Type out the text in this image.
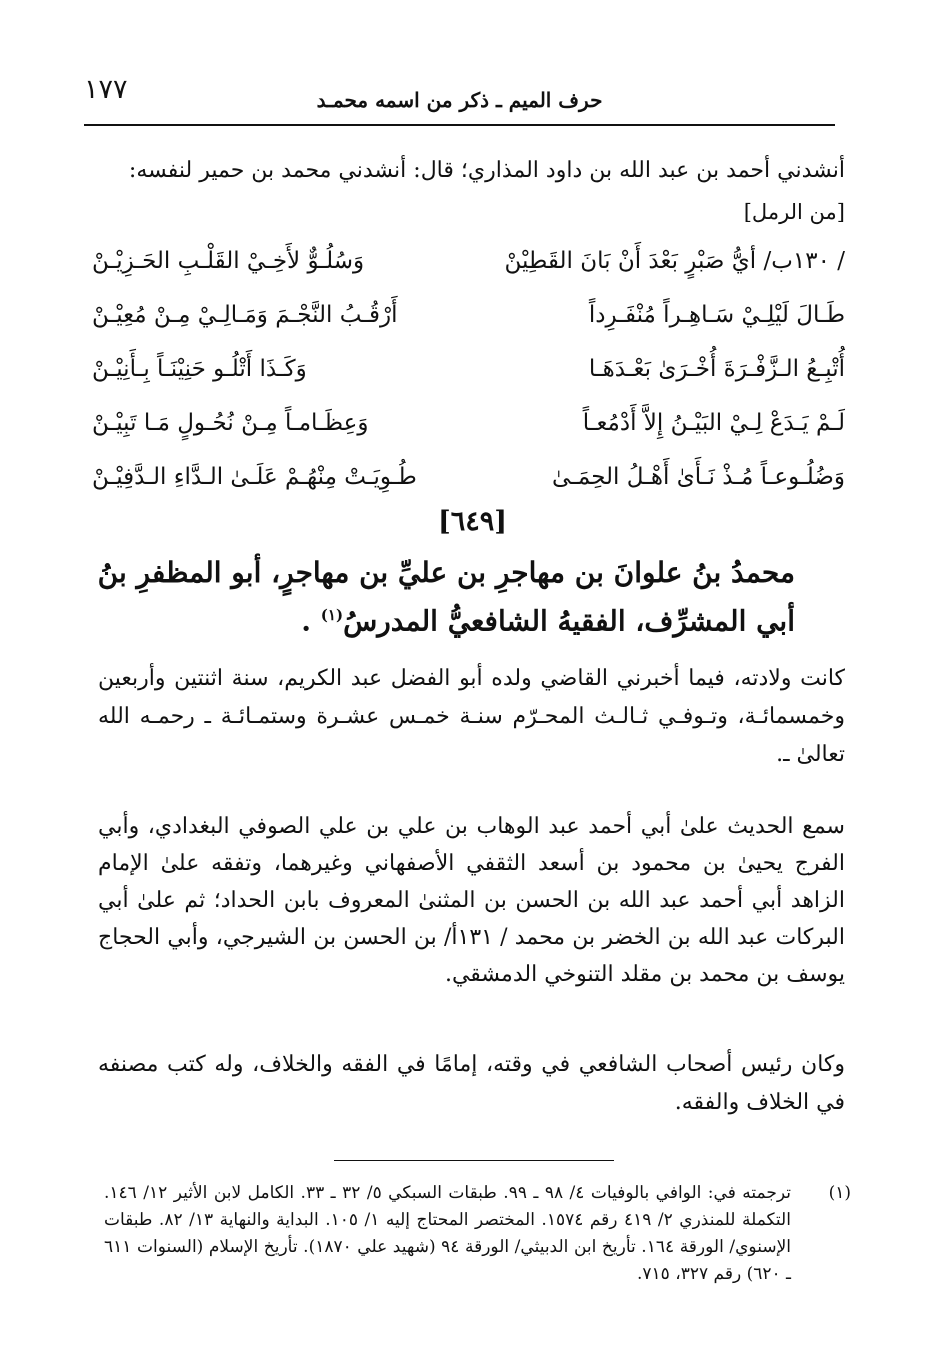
١٧٧	حرف الميم ـ ذكر من اسمه محمـد
أنشدني أحمد بن عبد الله بن داود المذاري؛ قال: أنشدني محمد بن حمير لنفسه:
[من الرمل]
/ ١٣٠ب/ أيُّ صَبْرٍ بَعْدَ أَنْ بَانَ القَطِيْنْ
وَسُلُـوٌّ لأَخِـيْ القَلْـبِ الحَـزِيْـنْ
طَـالَ لَيْلِـيْ سَـاهِـراً مُنْفَـرِداً
أَرْقُـبُ النَّجْـمَ وَمَـالِـيْ مِـنْ مُعِيْـنْ
أُتْبِـعُ الـزَّفْـرَةَ أُخْـرَىٰ بَعْـدَهَـا
وَكَـذَا أَتْلُـو حَنِيْنَـاً بِـأَنِيْـنْ
لَـمْ يَـدَعْ لِـيْ البَيْـنُ إِلاَّ أَدْمُعـاً
وَعِظَـامـاً مِـنْ نُحُـولٍ مَـا تَبِيْـنْ
وَضُلُـوعـاً مُـذْ نَـأَىٰ أَهْـلُ الحِمَـىٰ
طُـوِيَـتْ مِنْهُـمْ عَلَـىٰ الـدَّاءِ الـدَّفِيْـنْ
[٦٤٩]
محمدُ بنُ علوانَ بن مهاجرِ بن عليِّ بن مهاجرٍ، أبو المظفرِ بنُ
أبي المشرِّف، الفقيهُ الشافعيُّ المدرسُ$^{(١)}$ .
كانت ولادته، فيما أخبرني القاضي ولده أبو الفضل عبد الكريم، سنة اثنتين وأربعين وخمسمائـة، وتـوفـي ثـالـث المحـرّم سنـة خمـس عشـرة وستمـائـة ـ رحمـه الله تعالىٰ ـ.
سمع الحديث علىٰ أبي أحمد عبد الوهاب بن علي بن علي الصوفي البغدادي، وأبي الفرج يحيىٰ بن محمود بن أسعد الثقفي الأصفهاني وغيرهما، وتفقه علىٰ الإمام الزاهد أبي أحمد عبد الله بن الحسن بن المثنىٰ المعروف بابن الحداد؛ ثم علىٰ أبي البركات عبد الله بن الخضر بن محمد / ١٣١أ/ بن الحسن بن الشيرجي، وأبي الحجاج يوسف بن محمد بن مقلد التنوخي الدمشقي.
وكان رئيس أصحاب الشافعي في وقته، إمامًا في الفقه والخلاف، وله كتب مصنفه في الخلاف والفقه.
(١)
ترجمته في: الوافي بالوفيات ٤/ ٩٨ ـ ٩٩. طبقات السبكي ٥/ ٣٢ ـ ٣٣. الكامل لابن الأثير ١٢/ ١٤٦. التكملة للمنذري ٢/ ٤١٩ رقم ١٥٧٤. المختصر المحتاج إليه ١/ ١٠٥. البداية والنهاية ١٣/ ٨٢. طبقات الإسنوي/ الورقة ١٦٤. تأريخ ابن الدبيثي/ الورقة ٩٤ (شهيد علي ١٨٧٠). تأريخ الإسلام (السنوات ٦١١ ـ ٦٢٠) رقم ٣٢٧، ٧١٥.
